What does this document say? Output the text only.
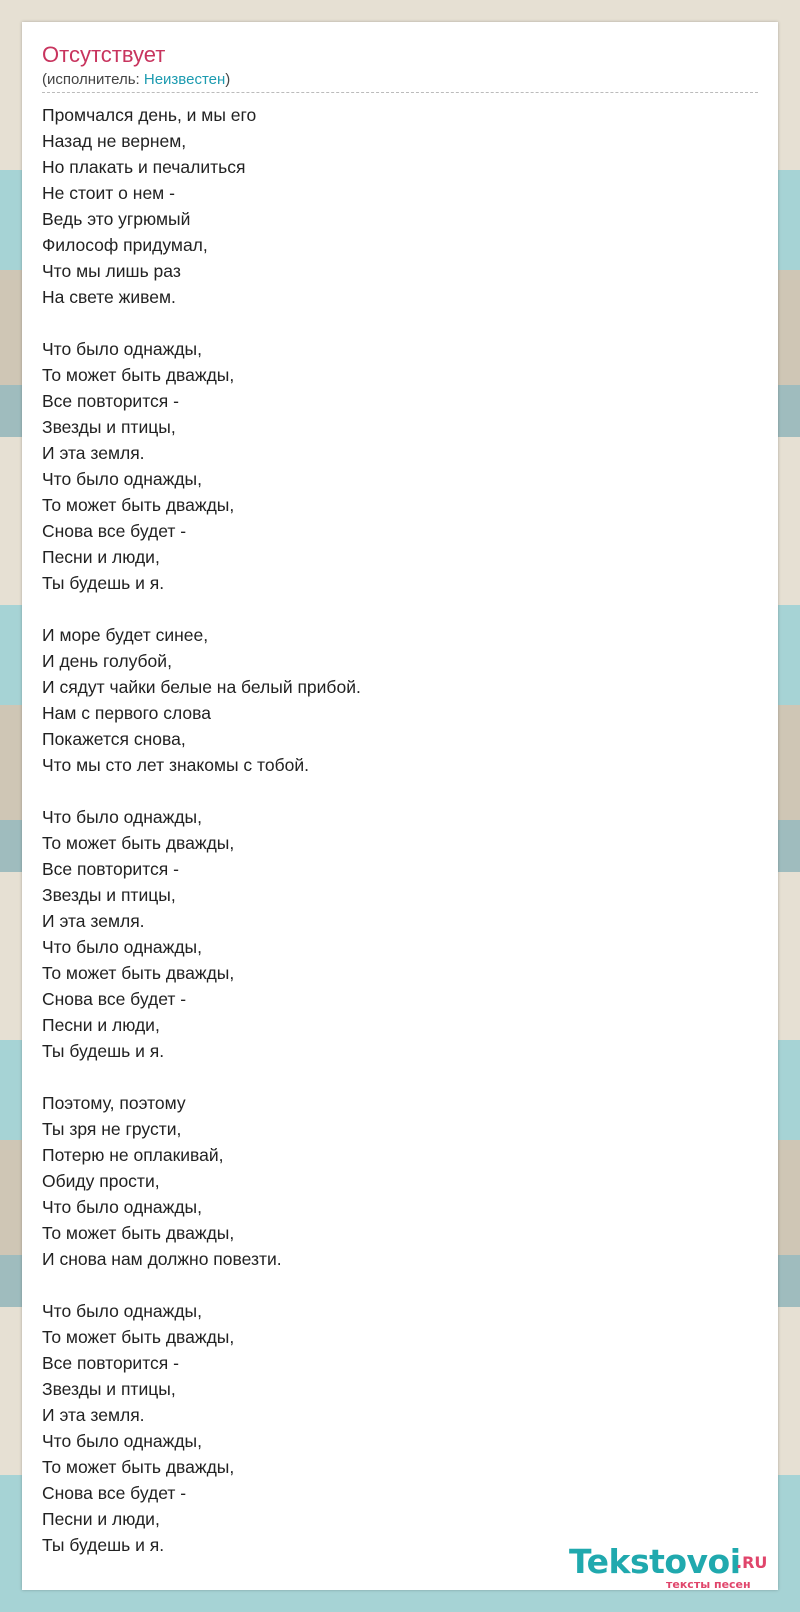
Отсутствует
(исполнитель: Неизвестен)
Промчался день, и мы его
Назад не вернем,
Но плакать и печалиться
Не стоит о нем -
Ведь это угрюмый
Философ придумал,
Что мы лишь раз
На свете живем.
Что было однажды,
То может быть дважды,
Все повторится -
Звезды и птицы,
И эта земля.
Что было однажды,
То может быть дважды,
Снова все будет -
Песни и люди,
Ты будешь и я.
И море будет синее,
И день голубой,
И сядут чайки белые на белый прибой.
Нам с первого слова
Покажется снова,
Что мы сто лет знакомы с тобой.
Что было однажды,
То может быть дважды,
Все повторится -
Звезды и птицы,
И эта земля.
Что было однажды,
То может быть дважды,
Снова все будет -
Песни и люди,
Ты будешь и я.
Поэтому, поэтому
Ты зря не грусти,
Потерю не оплакивай,
Обиду прости,
Что было однажды,
То может быть дважды,
И снова нам должно повезти.
Что было однажды,
То может быть дважды,
Все повторится -
Звезды и птицы,
И эта земля.
Что было однажды,
То может быть дважды,
Снова все будет -
Песни и люди,
Ты будешь и я.	Tekstovoi
.RU
тексты песен
